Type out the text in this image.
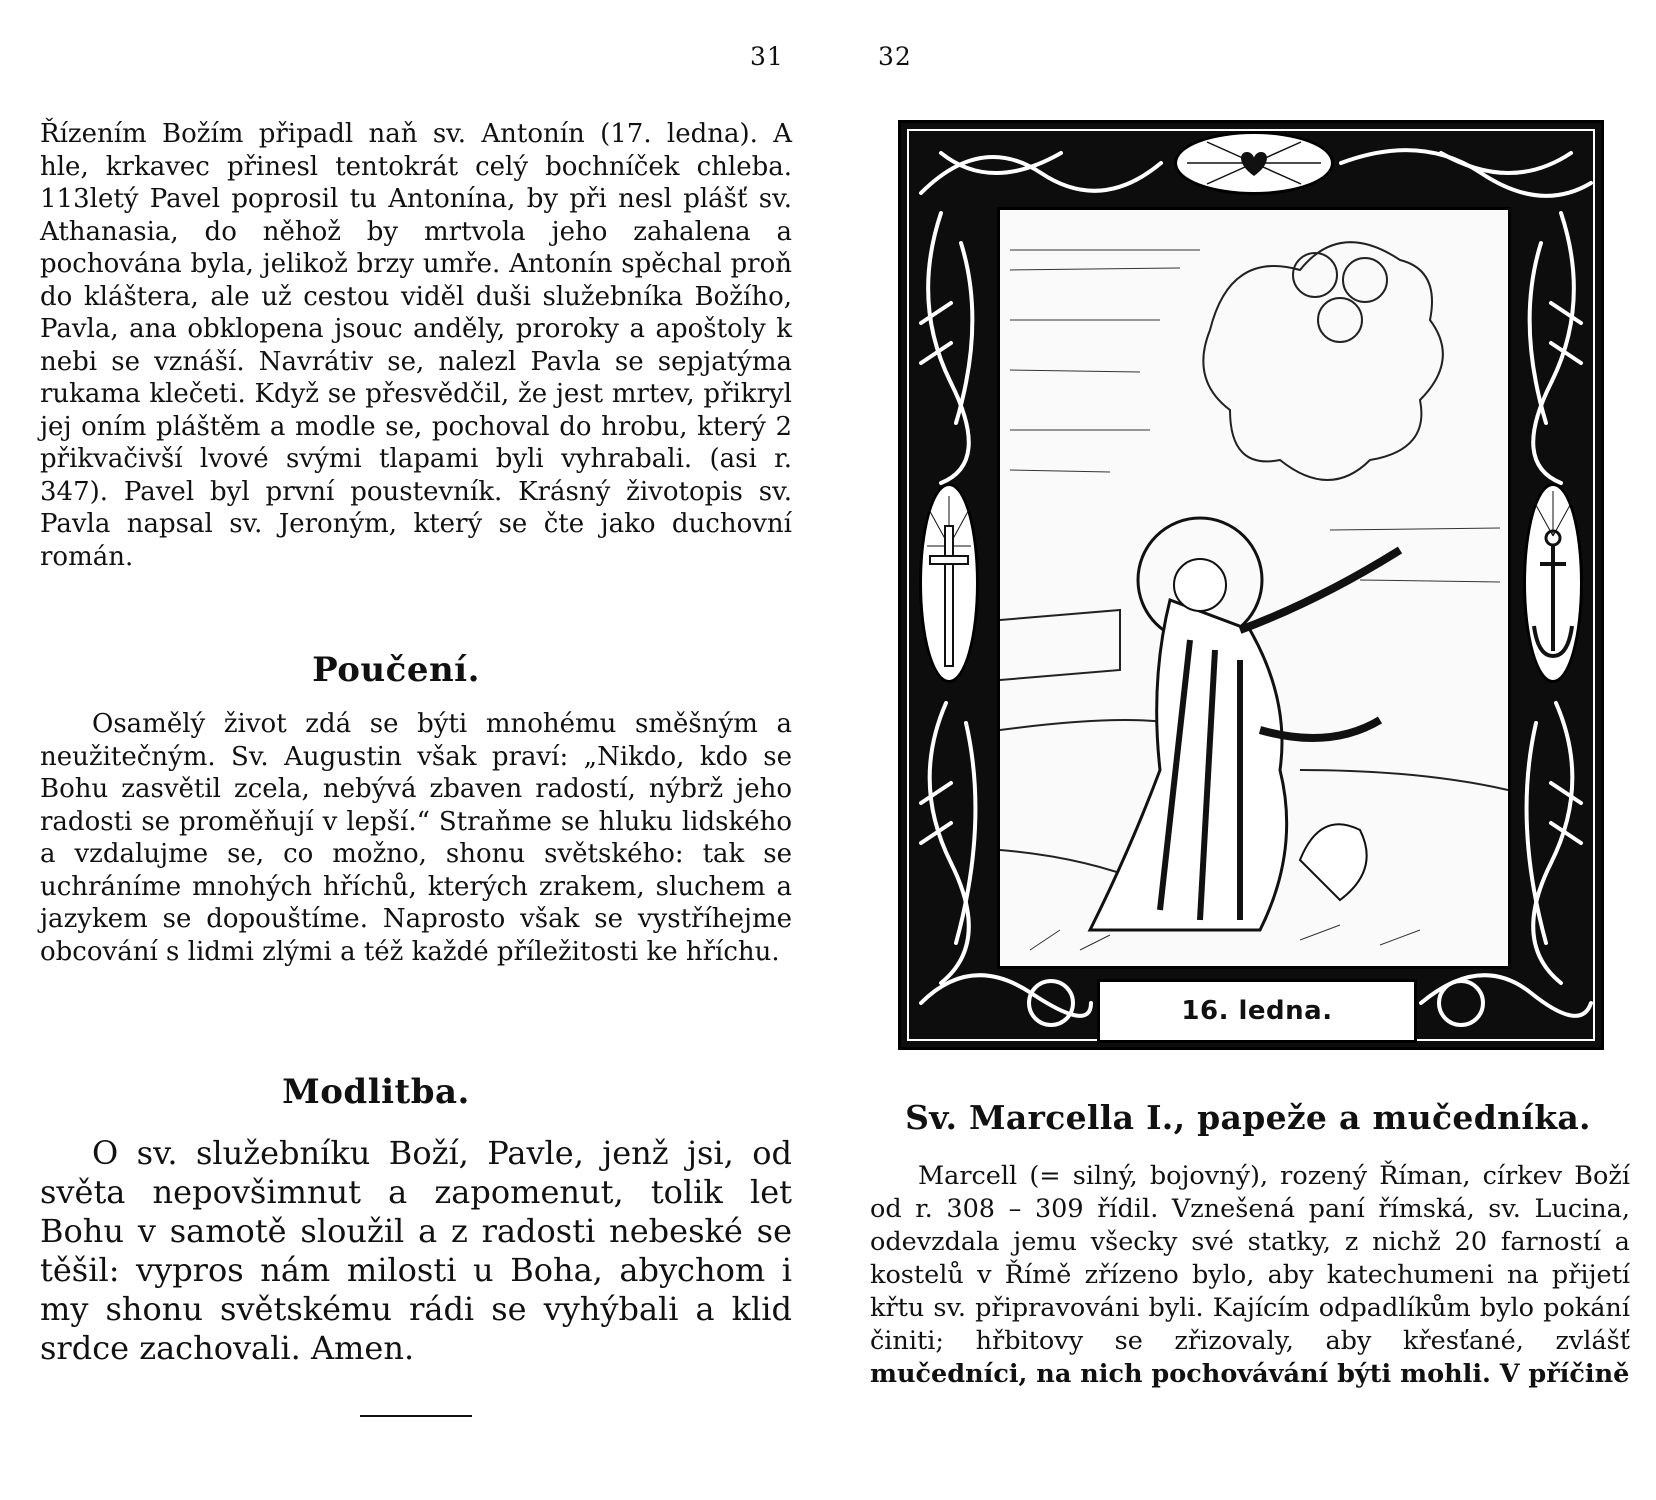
31

Řízením Božím připadl naň sv. Antonín (17. ledna). A hle, krkavec přinesl tentokrát celý bochníček chleba. 113letý Pavel poprosil tu Antonína, by při nesl plášť sv. Athanasia, do něhož by mrtvola jeho zahalena a pochována byla, jelikož brzy umře. Antonín spěchal proň do kláštera, ale už cestou viděl duši služebníka Božího, Pavla, ana obklopena jsouc anděly, proroky a apoštoly k nebi se vznáší. Navrátiv se, nalezl Pavla se sepjatýma rukama klečeti. Když se přesvědčil, že jest mrtev, přikryl jej oním pláštěm a modle se, pochoval do hrobu, který 2 přikvačivší lvové svými tlapami byli vyhrabali. (asi r. 347). Pavel byl první poustevník. Krásný životopis sv. Pavla napsal sv. Jeroným, který se čte jako duchovní román.

Poučení.

Osamělý život zdá se býti mnohému směšným a neužitečným. Sv. Augustin však praví: „Nikdo, kdo se Bohu zasvětil zcela, nebývá zbaven radostí, nýbrž jeho radosti se proměňují v lepší.“ Straňme se hluku lidského a vzdalujme se, co možno, shonu světského: tak se uchráníme mnohých hříchů, kterých zrakem, sluchem a jazykem se dopouštíme. Naprosto však se vystříhejme obcování s lidmi zlými a též každé příležitosti ke hříchu.

Modlitba.

O sv. služebníku Boží, Pavle, jenž jsi, od světa nepovšimnut a zapomenut, tolik let Bohu v samotě sloužil a z radosti nebeské se těšil: vypros nám milosti u Boha, abychom i my shonu světskému rádi se vyhýbali a klid srdce zachovali. Amen.

32
16. ledna.
Sv. Marcella I., papeže a mučedníka.

Marcell (= silný, bojovný), rozený Říman, církev Boží od r. 308 – 309 řídil. Vznešená paní římská, sv. Lucina, odevzdala jemu všecky své statky, z nichž 20 farností a kostelů v Římě zřízeno bylo, aby katechumeni na přijetí křtu sv. připravováni byli. Kajícím odpadlíkům bylo pokání činiti; hřbitovy se zřizovaly, aby křesťané, zvlášť mučedníci, na nich pochovávání býti mohli. V příčině
